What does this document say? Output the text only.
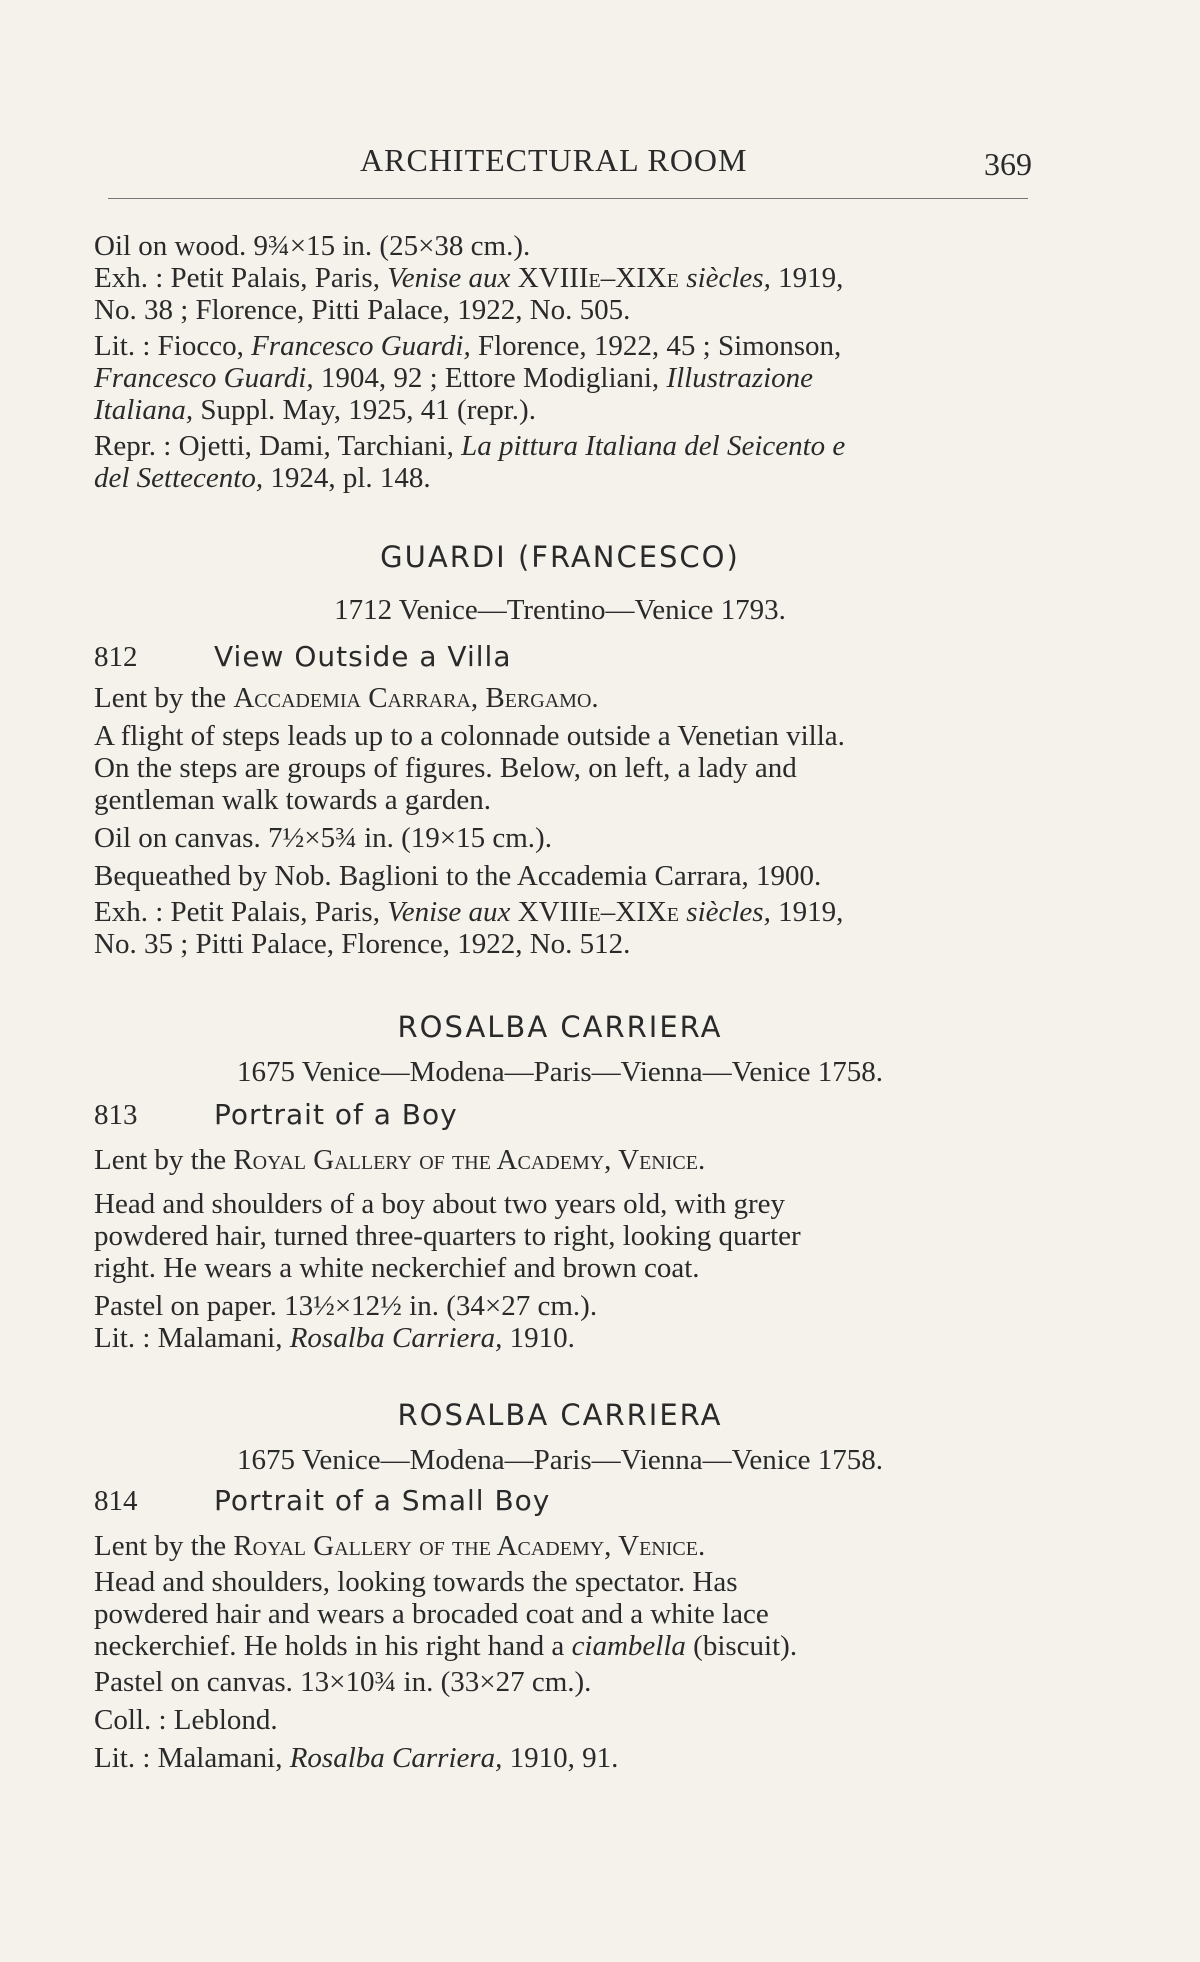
ARCHITECTURAL ROOM	369

Oil on wood. 9¾×15 in. (25×38 cm.).

Exh. : Petit Palais, Paris, Venise aux XVIIIe–XIXe siècles, 1919,

No. 38 ; Florence, Pitti Palace, 1922, No. 505.

Lit. : Fiocco, Francesco Guardi, Florence, 1922, 45 ; Simonson,

Francesco Guardi, 1904, 92 ; Ettore Modigliani, Illustrazione

Italiana, Suppl. May, 1925, 41 (repr.).

Repr. : Ojetti, Dami, Tarchiani, La pittura Italiana del Seicento e

del Settecento, 1924, pl. 148.

GUARDI (FRANCESCO)
1712 Venice—Trentino—Venice 1793.
812	View Outside a Villa

Lent by the Accademia Carrara, Bergamo.

A flight of steps leads up to a colonnade outside a Venetian villa.
On the steps are groups of figures. Below, on left, a lady and
gentleman walk towards a garden.

Oil on canvas. 7½×5¾ in. (19×15 cm.).

Bequeathed by Nob. Baglioni to the Accademia Carrara, 1900.

Exh. : Petit Palais, Paris, Venise aux XVIIIe–XIXe siècles, 1919,

No. 35 ; Pitti Palace, Florence, 1922, No. 512.

ROSALBA CARRIERA
1675 Venice—Modena—Paris—Vienna—Venice 1758.
813	Portrait of a Boy

Lent by the Royal Gallery of the Academy, Venice.

Head and shoulders of a boy about two years old, with grey
powdered hair, turned three-quarters to right, looking quarter
right. He wears a white neckerchief and brown coat.

Pastel on paper. 13½×12½ in. (34×27 cm.).

Lit. : Malamani, Rosalba Carriera, 1910.

ROSALBA CARRIERA
1675 Venice—Modena—Paris—Vienna—Venice 1758.
814	Portrait of a Small Boy

Lent by the Royal Gallery of the Academy, Venice.

Head and shoulders, looking towards the spectator. Has
powdered hair and wears a brocaded coat and a white lace
neckerchief. He holds in his right hand a ciambella (biscuit).

Pastel on canvas. 13×10¾ in. (33×27 cm.).

Coll. : Leblond.

Lit. : Malamani, Rosalba Carriera, 1910, 91.
